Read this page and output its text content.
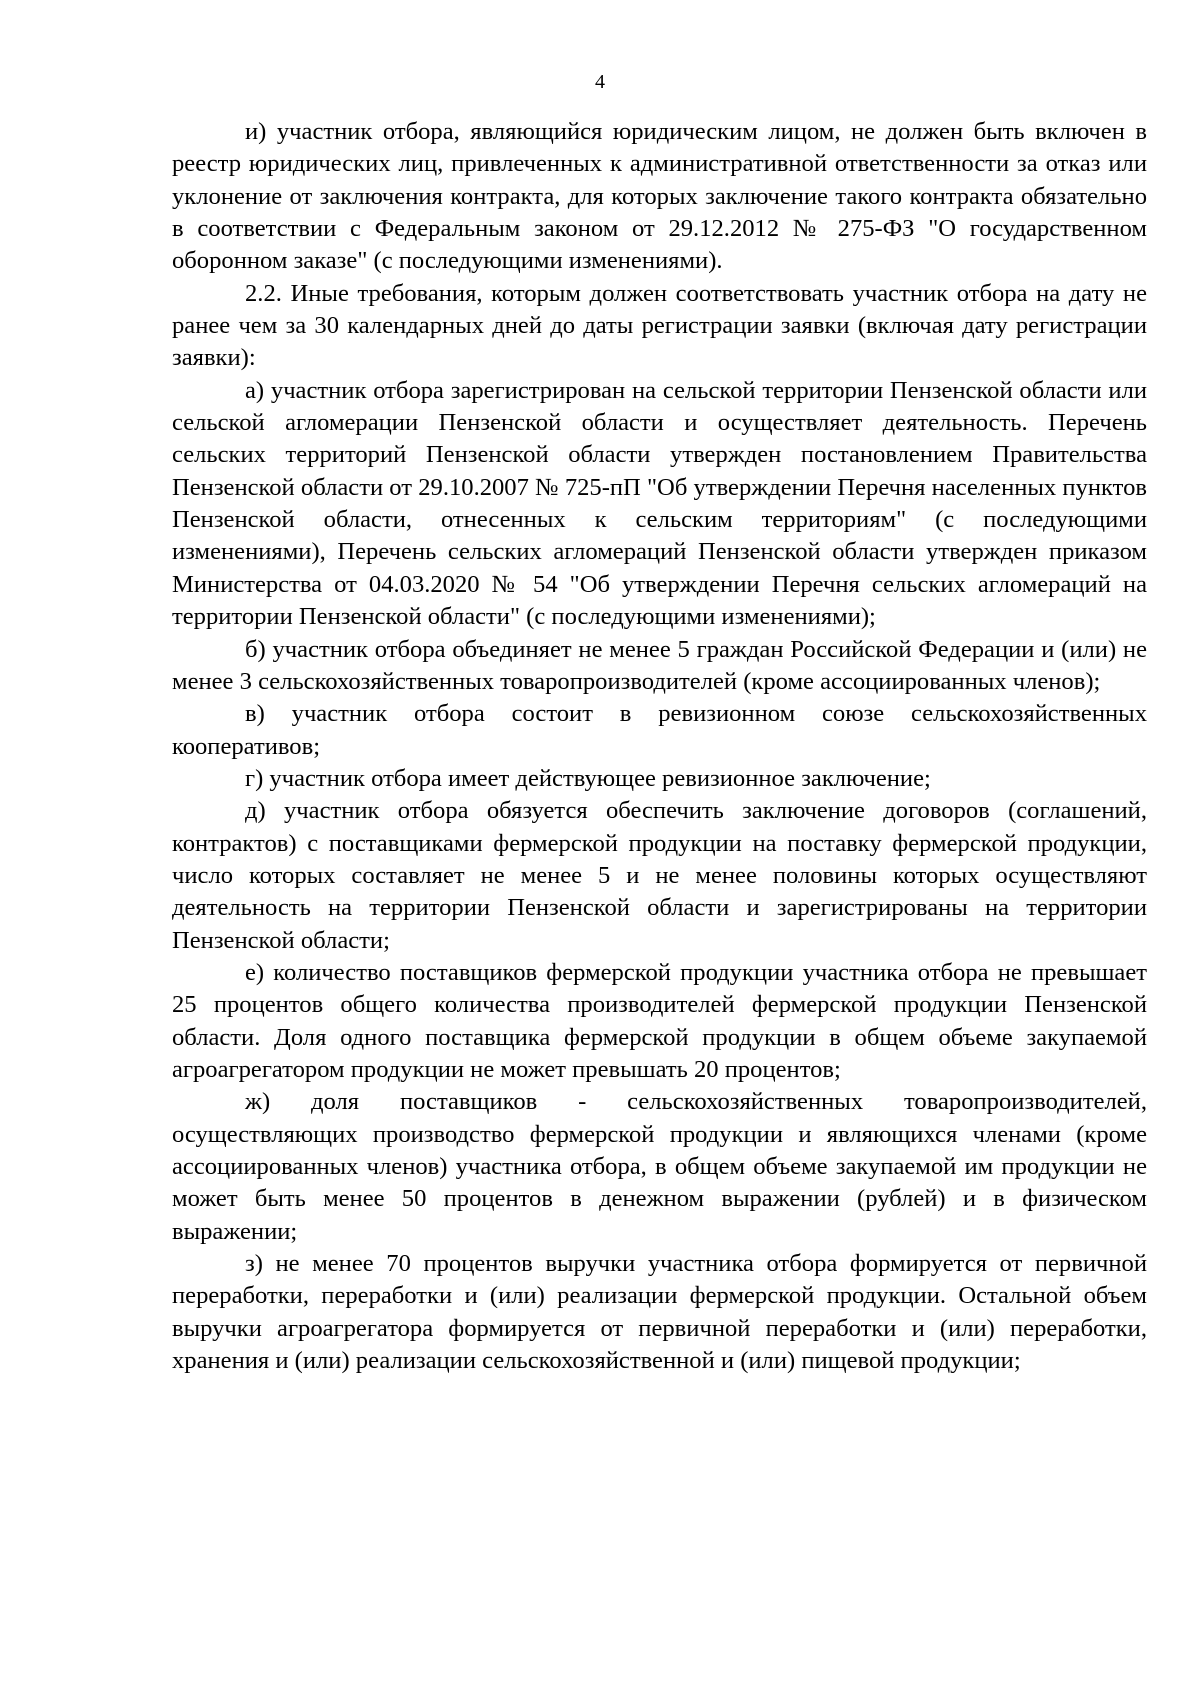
4

и) участник отбора, являющийся юридическим лицом, не должен быть включен в реестр юридических лиц, привлеченных к административной ответственности за отказ или уклонение от заключения контракта, для которых заключение такого контракта обязательно в соответствии с Федеральным законом от 29.12.2012 № 275-ФЗ "О государственном оборонном заказе" (с последующими изменениями).

2.2. Иные требования, которым должен соответствовать участник отбора на дату не ранее чем за 30 календарных дней до даты регистрации заявки (включая дату регистрации заявки):

а) участник отбора зарегистрирован на сельской территории Пензенской области или сельской агломерации Пензенской области и осуществляет деятельность. Перечень сельских территорий Пензенской области утвержден постановлением Правительства Пензенской области от 29.10.2007 № 725-пП "Об утверждении Перечня населенных пунктов Пензенской области, отнесенных к сельским территориям" (с последующими изменениями), Перечень сельских агломераций Пензенской области утвержден приказом Министерства от 04.03.2020 № 54 "Об утверждении Перечня сельских агломераций на территории Пензенской области" (с последующими изменениями);

б) участник отбора объединяет не менее 5 граждан Российской Федерации и (или) не менее 3 сельскохозяйственных товаропроизводителей (кроме ассоциированных членов);

в) участник отбора состоит в ревизионном союзе сельскохозяйственных кооперативов;

г) участник отбора имеет действующее ревизионное заключение;

д) участник отбора обязуется обеспечить заключение договоров (соглашений, контрактов) с поставщиками фермерской продукции на поставку фермерской продукции, число которых составляет не менее 5 и не менее половины которых осуществляют деятельность на территории Пензенской области и зарегистрированы на территории Пензенской области;

е) количество поставщиков фермерской продукции участника отбора не превышает 25 процентов общего количества производителей фермерской продукции Пензенской области. Доля одного поставщика фермерской продукции в общем объеме закупаемой агроагрегатором продукции не может превышать 20 процентов;

ж) доля поставщиков - сельскохозяйственных товаропроизводителей, осуществляющих производство фермерской продукции и являющихся членами (кроме ассоциированных членов) участника отбора, в общем объеме закупаемой им продукции не может быть менее 50 процентов в денежном выражении (рублей) и в физическом выражении;

з) не менее 70 процентов выручки участника отбора формируется от первичной переработки, переработки и (или) реализации фермерской продукции. Остальной объем выручки агроагрегатора формируется от первичной переработки и (или) переработки, хранения и (или) реализации сельскохозяйственной и (или) пищевой продукции;
